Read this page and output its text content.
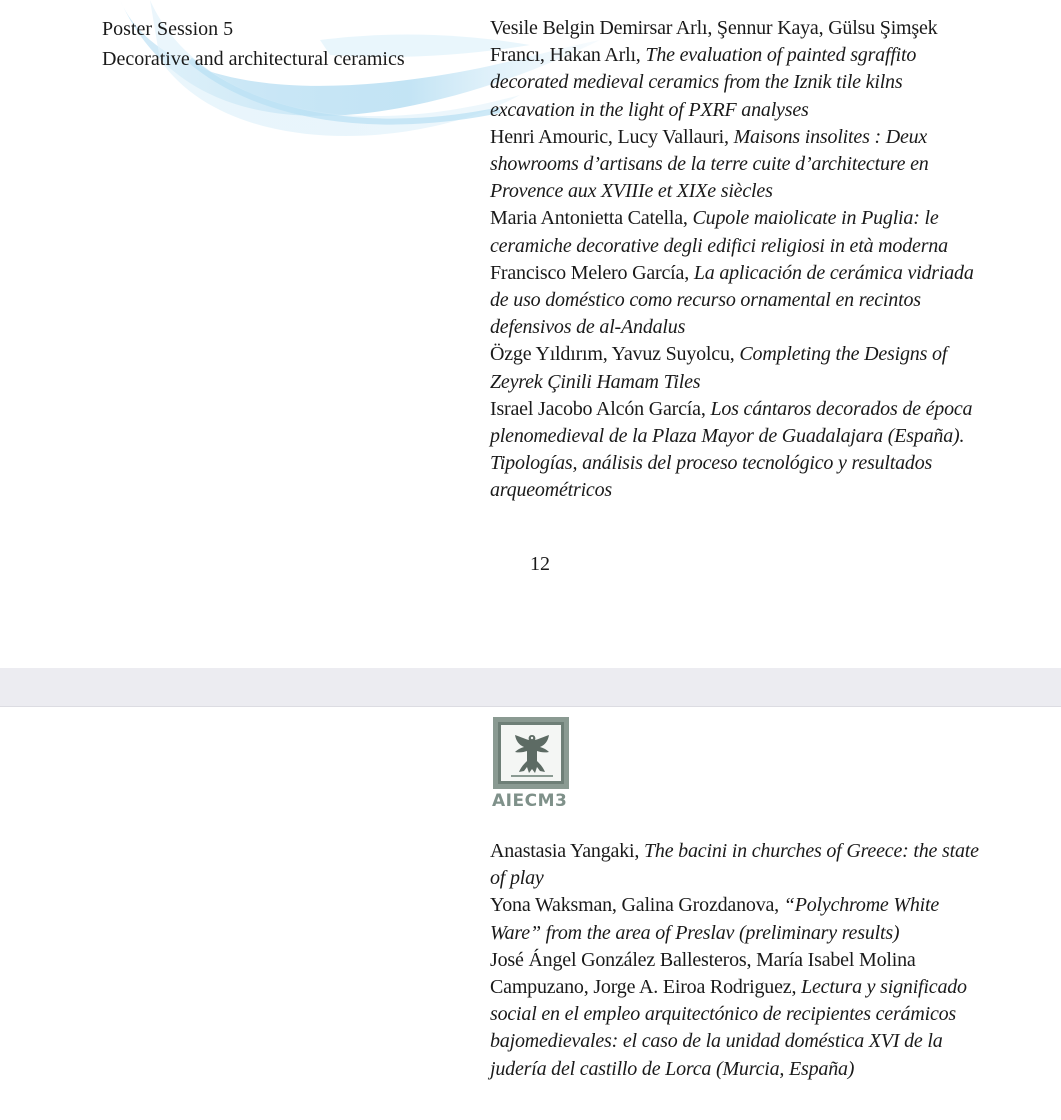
Poster Session 5
Decorative and architectural ceramics

Vesile Belgin Demirsar Arlı, Şennur Kaya, Gülsu Şimşek Francı, Hakan Arlı, The evaluation of painted sgraffito decorated medieval ceramics from the Iznik tile kilns excavation in the light of PXRF analyses

Henri Amouric, Lucy Vallauri, Maisons insolites : Deux showrooms d’artisans de la terre cuite d’architecture en Provence aux XVIIIe et XIXe siècles

Maria Antonietta Catella, Cupole maiolicate in Puglia: le ceramiche decorative degli edifici religiosi in età moderna

Francisco Melero García, La aplicación de cerámica vidriada de uso doméstico como recurso ornamental en recintos defensivos de al-Andalus

Özge Yıldırım, Yavuz Suyolcu, Completing the Designs of Zeyrek Çinili Hamam Tiles

Israel Jacobo Alcón García, Los cántaros decorados de época plenomedieval de la Plaza Mayor de Guadalajara (España). Tipologías, análisis del proceso tecnológico y resultados arqueométricos

12
AIECM3

Anastasia Yangaki, The bacini in churches of Greece: the state of play

Yona Waksman, Galina Grozdanova, “Polychrome White Ware” from the area of Preslav (preliminary results)

José Ángel González Ballesteros, María Isabel Molina Campuzano, Jorge A. Eiroa Rodriguez, Lectura y significado social en el empleo arquitectónico de recipientes cerámicos bajomedievales: el caso de la unidad doméstica XVI de la judería del castillo de Lorca (Murcia, España)
